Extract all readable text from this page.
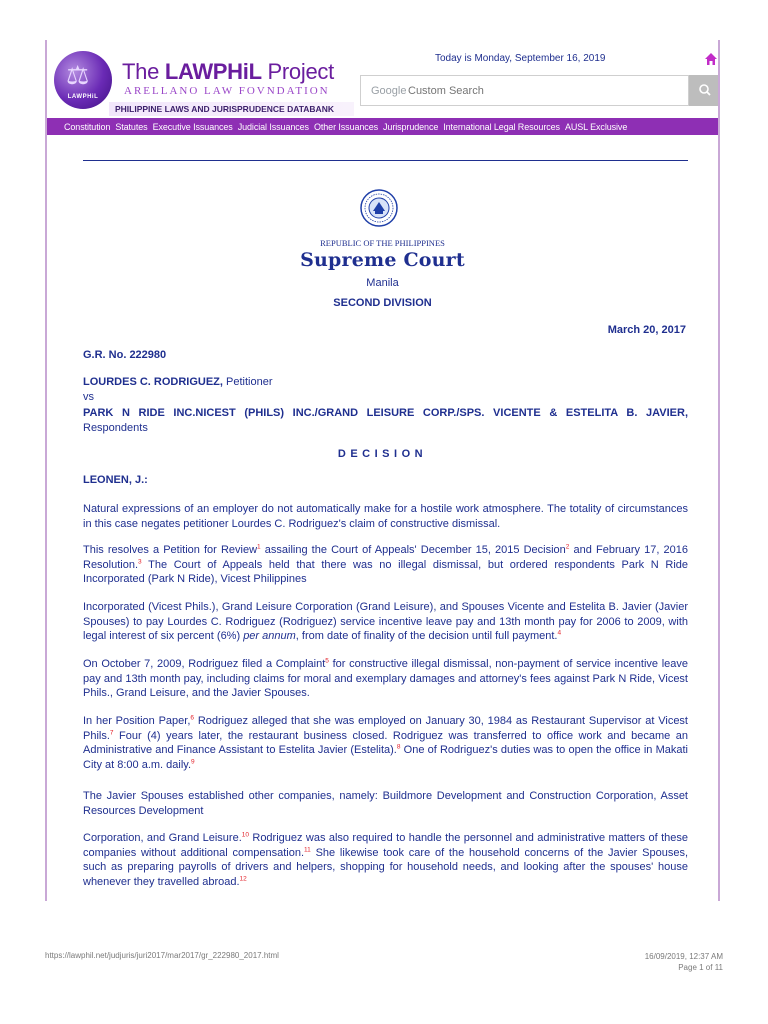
⚖
LAWPHiL
The LAWPHiL Project
ARELLANO LAW FOVNDATION
PHILIPPINE LAWS AND JURISPRUDENCE DATABANK
Today is Monday, September 16, 2019
Google
Custom Search
Constitution Statutes Executive Issuances Judicial Issuances Other Issuances Jurisprudence International Legal Resources AUSL Exclusive
REPUBLIC OF THE PHILIPPINES
Supreme Court
Manila
SECOND DIVISION
March 20, 2017
G.R. No. 222980
LOURDES C. RODRIGUEZ, Petitioner
vs
PARK N RIDE INC.NICEST (PHILS) INC./GRAND LEISURE CORP./SPS. VICENTE & ESTELITA B. JAVIER, Respondents
DECISION
LEONEN, J.:
Natural expressions of an employer do not automatically make for a hostile work atmosphere. The totality of circumstances in this case negates petitioner Lourdes C. Rodriguez's claim of constructive dismissal.
This resolves a Petition for Review$^1$ assailing the Court of Appeals' December 15, 2015 Decision$^2$ and February 17, 2016 Resolution.$^3$ The Court of Appeals held that there was no illegal dismissal, but ordered respondents Park N Ride Incorporated (Park N Ride), Vicest Philippines
Incorporated (Vicest Phils.), Grand Leisure Corporation (Grand Leisure), and Spouses Vicente and Estelita B. Javier (Javier Spouses) to pay Lourdes C. Rodriguez (Rodriguez) service incentive leave pay and 13th month pay for 2006 to 2009, with legal interest of six percent (6%) per annum, from date of finality of the decision until full payment.$^4$
On October 7, 2009, Rodriguez filed a Complaint$^5$ for constructive illegal dismissal, non-payment of service incentive leave pay and 13th month pay, including claims for moral and exemplary damages and attorney's fees against Park N Ride, Vicest Phils., Grand Leisure, and the Javier Spouses.
In her Position Paper,$^6$ Rodriguez alleged that she was employed on January 30, 1984 as Restaurant Supervisor at Vicest Phils.$^7$ Four (4) years later, the restaurant business closed. Rodriguez was transferred to office work and became an Administrative and Finance Assistant to Estelita Javier (Estelita).$^8$ One of Rodriguez's duties was to open the office in Makati City at 8:00 a.m. daily.$^9$
The Javier Spouses established other companies, namely: Buildmore Development and Construction Corporation, Asset Resources Development
Corporation, and Grand Leisure.$^{10}$ Rodriguez was also required to handle the personnel and administrative matters of these companies without additional compensation.$^{11}$ She likewise took care of the household concerns of the Javier Spouses, such as preparing payrolls of drivers and helpers, shopping for household needs, and looking after the spouses' house whenever they travelled abroad.$^{12}$
https://lawphil.net/judjuris/juri2017/mar2017/gr_222980_2017.html	16/09/2019, 12:37 AM
Page 1 of 11
